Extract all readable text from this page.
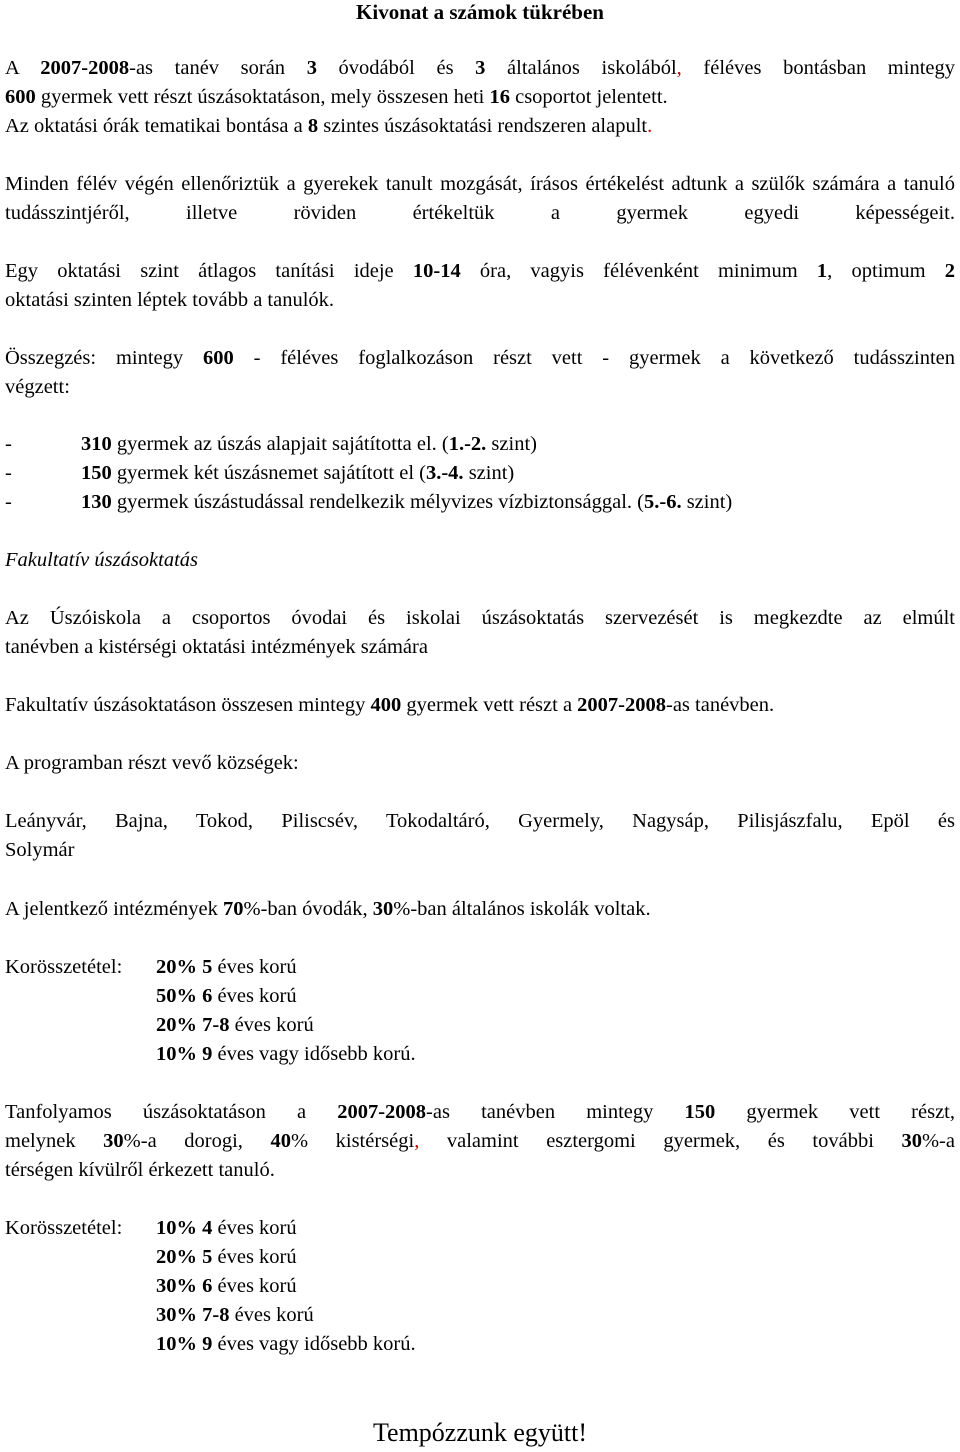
Kivonat a számok tükrében
A 2007-2008-as tanév során 3 óvodából és 3 általános iskolából, féléves bontásban mintegy
600 gyermek vett részt úszásoktatáson, mely összesen heti 16 csoportot jelentett.
Az oktatási órák tematikai bontása a 8 szintes úszásoktatási rendszeren alapult.
Minden félév végén ellenőriztük a gyerekek tanult mozgását, írásos értékelést adtunk a szülők számára a tanuló tudásszintjéről, illetve röviden értékeltük a gyermek egyedi képességeit.
Egy oktatási szint átlagos tanítási ideje 10-14 óra, vagyis félévenként minimum 1, optimum 2
oktatási szinten léptek tovább a tanulók.
Összegzés: mintegy 600 - féléves foglalkozáson részt vett - gyermek a következő tudásszinten
végzett:
-	310 gyermek az úszás alapjait sajátította el. (1.-2. szint)
-	150 gyermek két úszásnemet sajátított el (3.-4. szint)
-	130 gyermek úszástudással rendelkezik mélyvizes vízbiztonsággal. (5.-6. szint)
Fakultatív úszásoktatás
Az Úszóiskola a csoportos óvodai és iskolai úszásoktatás szervezését is megkezdte az elmúlt
tanévben a kistérségi oktatási intézmények számára
Fakultatív úszásoktatáson összesen mintegy 400 gyermek vett részt a 2007-2008-as tanévben.
A programban részt vevő községek:
Leányvár, Bajna, Tokod, Piliscsév, Tokodaltáró, Gyermely, Nagysáp, Pilisjászfalu, Epöl és
Solymár
A jelentkező intézmények 70%-ban óvodák, 30%-ban általános iskolák voltak.
Korösszetétel: 20% 5 éves korú
50% 6 éves korú
20% 7-8 éves korú
10% 9 éves vagy idősebb korú.
Tanfolyamos úszásoktatáson a 2007-2008-as tanévben mintegy 150 gyermek vett részt,
melynek 30%-a dorogi, 40% kistérségi, valamint esztergomi gyermek, és további 30%-a
térségen kívülről érkezett tanuló.
Korösszetétel: 10% 4 éves korú
20% 5 éves korú
30% 6 éves korú
30% 7-8 éves korú
10% 9 éves vagy idősebb korú.
Tempózzunk együtt!
